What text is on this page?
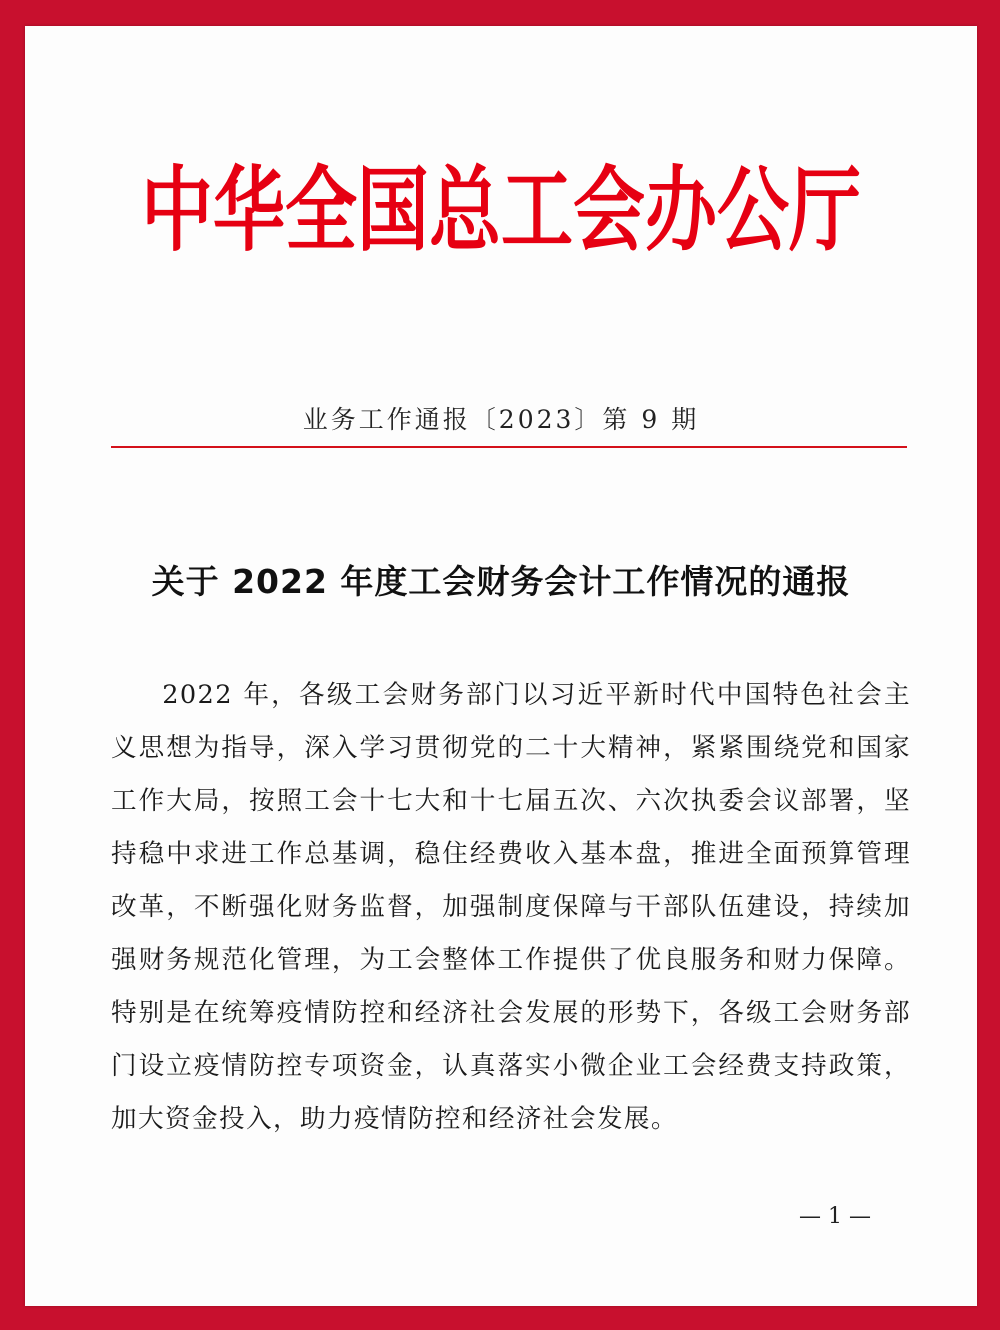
中华全国总工会办公厅
业务工作通报〔2023〕第 9 期
关于 2022 年度工会财务会计工作情况的通报

2022 年，各级工会财务部门以习近平新时代中国特色社会主义思想为指导，深入学习贯彻党的二十大精神，紧紧围绕党和国家工作大局，按照工会十七大和十七届五次、六次执委会议部署，坚持稳中求进工作总基调，稳住经费收入基本盘，推进全面预算管理改革，不断强化财务监督，加强制度保障与干部队伍建设，持续加强财务规范化管理，为工会整体工作提供了优良服务和财力保障。特别是在统筹疫情防控和经济社会发展的形势下，各级工会财务部门设立疫情防控专项资金，认真落实小微企业工会经费支持政策，加大资金投入，助力疫情防控和经济社会发展。

— 1 —
